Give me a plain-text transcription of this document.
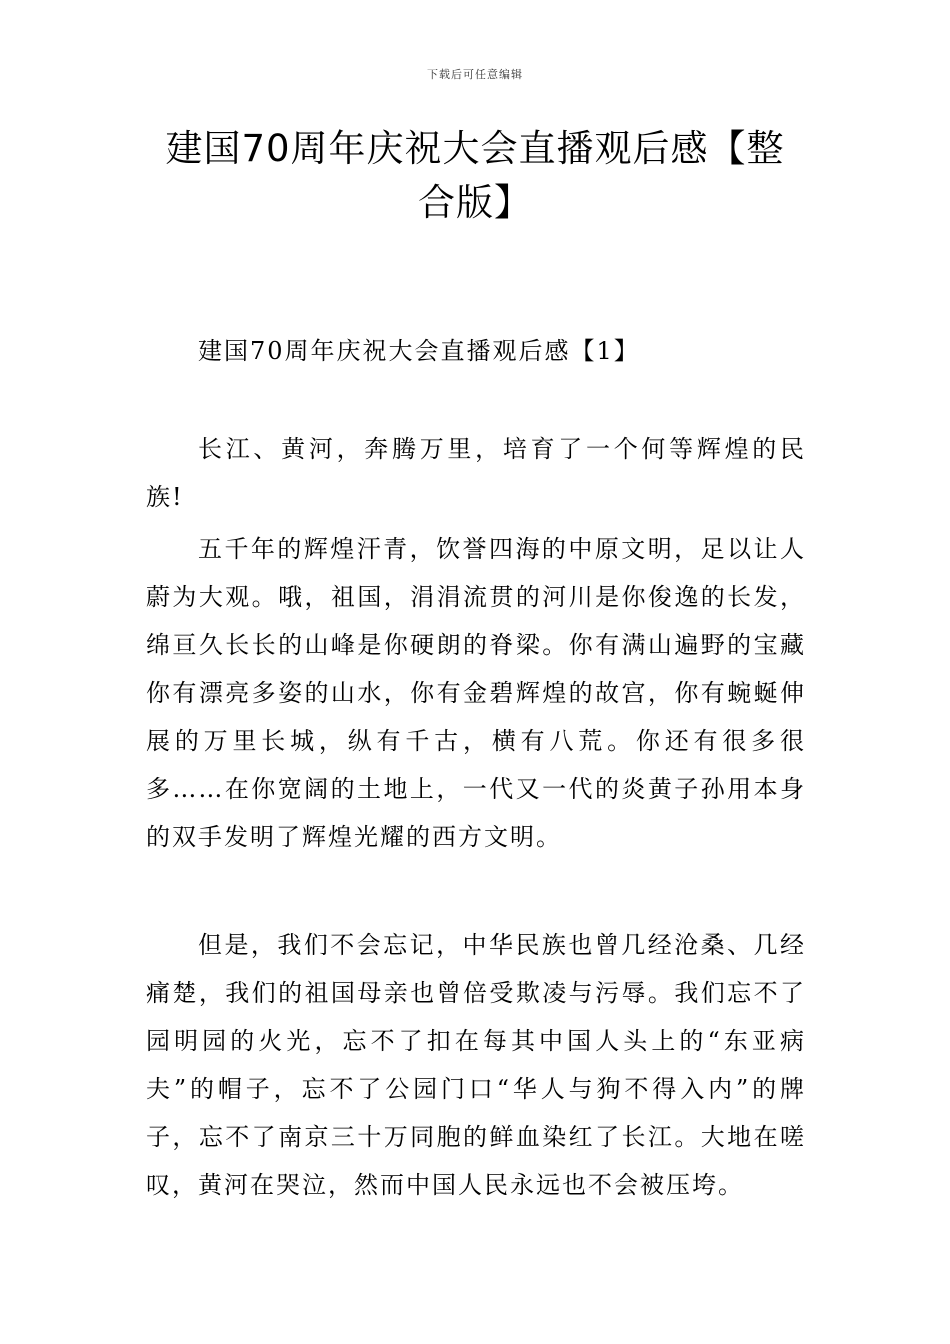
下载后可任意编辑
建国70周年庆祝大会直播观后感【整合版】

建国70周年庆祝大会直播观后感【1】

长江、黄河，奔腾万里，培育了一个何等辉煌的民族!

五千年的辉煌汗青，饮誉四海的中原文明，足以让人蔚为大观。哦，祖国，涓涓流贯的河川是你俊逸的长发，绵亘久长长的山峰是你硬朗的脊梁。你有满山遍野的宝藏你有漂亮多姿的山水，你有金碧辉煌的故宫，你有蜿蜒伸展的万里长城，纵有千古，横有八荒。你还有很多很多……在你宽阔的土地上，一代又一代的炎黄子孙用本身的双手发明了辉煌光耀的西方文明。

但是，我们不会忘记，中华民族也曾几经沧桑、几经痛楚，我们的祖国母亲也曾倍受欺凌与污辱。我们忘不了园明园的火光，忘不了扣在每其中国人头上的“东亚病夫”的帽子，忘不了公园门口“华人与狗不得入内”的牌子，忘不了南京三十万同胞的鲜血染红了长江。大地在嗟叹，黄河在哭泣，然而中国人民永远也不会被压垮。
